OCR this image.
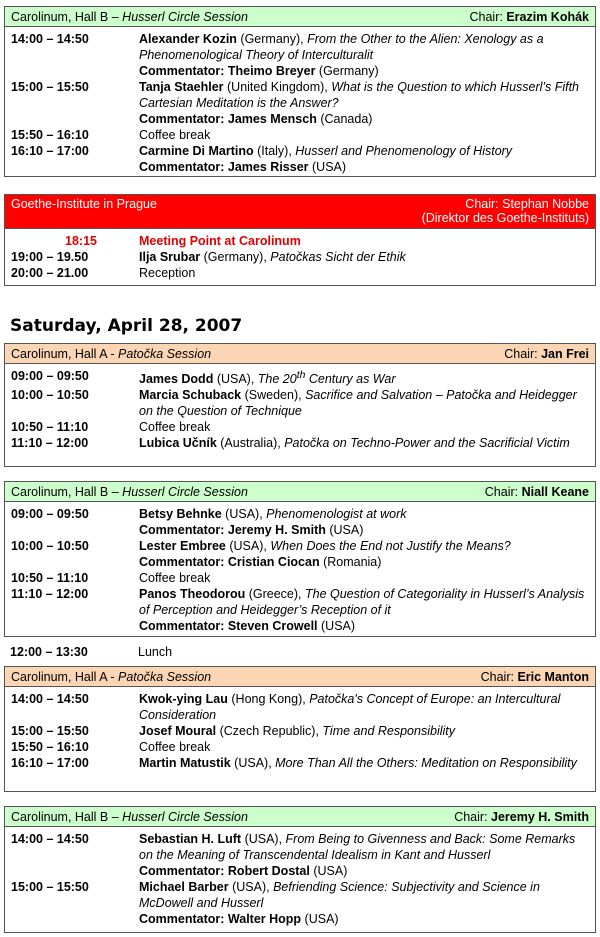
Carolinum, Hall B – Husserl Circle Session	Chair: Erazim Kohák
14:00 – 14:50	Alexander Kozin (Germany), From the Other to the Alien: Xenology as a Phenomenological Theory of Interculturalit
Commentator: Theimo Breyer (Germany)
15:00 – 15:50	Tanja Staehler (United Kingdom), What is the Question to which Husserl’s Fifth Cartesian Meditation is the Answer?
Commentator: James Mensch (Canada)
15:50 – 16:10	Coffee break
16:10 – 17:00	Carmine Di Martino (Italy), Husserl and Phenomenology of History
Commentator: James Risser (USA)
Goethe-Institute in Prague	Chair: Stephan Nobbe
(Direktor des Goethe-Instituts)
18:15	Meeting Point at Carolinum
19:00 – 19.50	Ilja Srubar (Germany), Patočkas Sicht der Ethik
20:00 – 21.00	Reception
Saturday, April 28, 2007
Carolinum, Hall A - Patočka Session	Chair: Jan Frei
09:00 – 09:50	James Dodd (USA), The 20th Century as War
10:00 – 10:50	Marcia Schuback (Sweden), Sacrifice and Salvation – Patočka and Heidegger on the Question of Technique
10:50 – 11:10	Coffee break
11:10 – 12:00	Lubica Učník (Australia), Patočka on Techno-Power and the Sacrificial Victim
Carolinum, Hall B – Husserl Circle Session	Chair: Niall Keane
09:00 – 09:50	Betsy Behnke (USA), Phenomenologist at work
Commentator: Jeremy H. Smith (USA)
10:00 – 10:50	Lester Embree (USA), When Does the End not Justify the Means?
Commentator: Cristian Ciocan (Romania)
10:50 – 11:10	Coffee break
11:10 – 12:00	Panos Theodorou (Greece), The Question of Categoriality in Husserl’s Analysis of Perception and Heidegger’s Reception of it
Commentator: Steven Crowell (USA)
12:00 – 13:30	Lunch
Carolinum, Hall A - Patočka Session	Chair: Eric Manton
14:00 – 14:50	Kwok-ying Lau (Hong Kong), Patočka's Concept of Europe: an Intercultural Consideration
15:00 – 15:50	Josef Moural (Czech Republic), Time and Responsibility
15:50 – 16:10	Coffee break
16:10 – 17:00	Martin Matustik (USA), More Than All the Others: Meditation on Responsibility
Carolinum, Hall B – Husserl Circle Session	Chair: Jeremy H. Smith
14:00 – 14:50	Sebastian H. Luft (USA), From Being to Givenness and Back: Some Remarks on the Meaning of Transcendental Idealism in Kant and Husserl
Commentator: Robert Dostal (USA)
15:00 – 15:50	Michael Barber (USA), Befriending Science: Subjectivity and Science in McDowell and Husserl
Commentator: Walter Hopp (USA)
